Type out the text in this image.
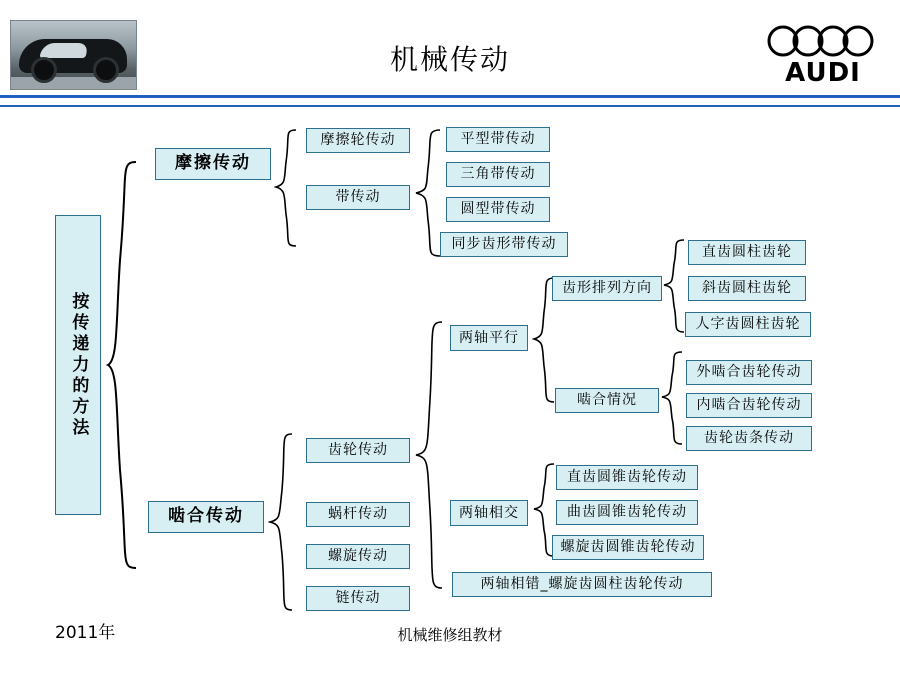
机械传动	AUDI
按传递力的方法
摩擦传动
啮合传动
摩擦轮传动
带传动
平型带传动
三角带传动
圆型带传动
同步齿形带传动
齿轮传动
蜗杆传动
螺旋传动
链传动
两轴平行
两轴相交
两轴相错_螺旋齿圆柱齿轮传动
齿形排列方向
啮合情况
直齿圆柱齿轮
斜齿圆柱齿轮
人字齿圆柱齿轮
外啮合齿轮传动
内啮合齿轮传动
齿轮齿条传动
直齿圆锥齿轮传动
曲齿圆锥齿轮传动
螺旋齿圆锥齿轮传动
2011年	机械维修组教材
